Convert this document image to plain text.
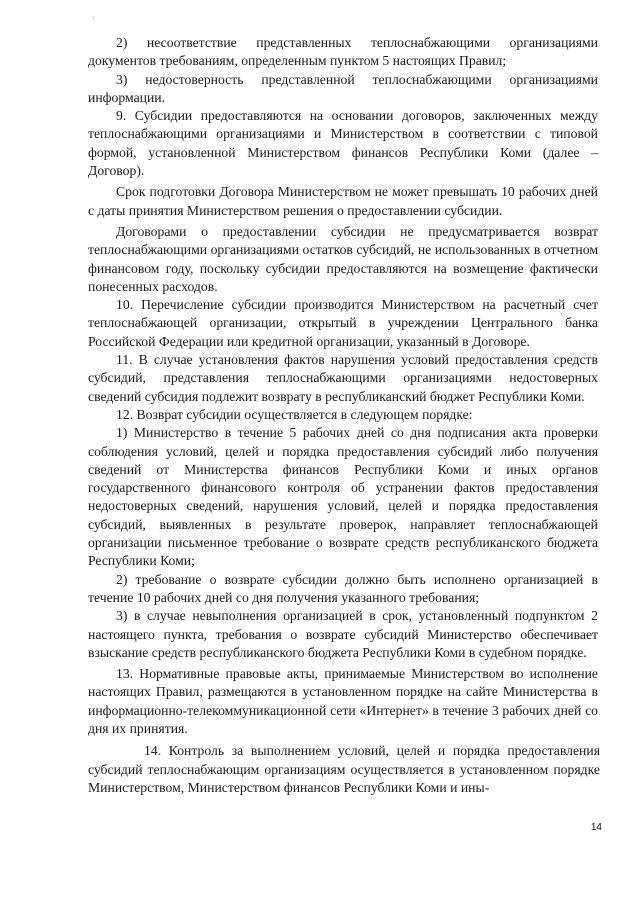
·

2) несоответствие представленных теплоснабжающими организациями документов требованиям, определенным пунктом 5 настоящих Правил;

3) недостоверность представленной теплоснабжающими организациями информации.

9. Субсидии предоставляются на основании договоров, заключенных между теплоснабжающими организациями и Министерством в соответствии с типовой формой, установленной Министерством финансов Республики Коми (далее – Договор).

Срок подготовки Договора Министерством не может превышать 10 рабочих дней с даты принятия Министерством решения о предоставлении субсидии.

Договорами о предоставлении субсидии не предусматривается возврат теплоснабжающими организациями остатков субсидий, не использованных в отчетном финансовом году, поскольку субсидии предоставляются на возмещение фактически понесенных расходов.

10. Перечисление субсидии производится Министерством на расчетный счет теплоснабжающей организации, открытый в учреждении Центрального банка Российской Федерации или кредитной организации, указанный в Договоре.

11. В случае установления фактов нарушения условий предоставления средств субсидий, представления теплоснабжающими организациями недостоверных сведений субсидия подлежит возврату в республиканский бюджет Республики Коми.

12. Возврат субсидии осуществляется в следующем порядке:

1) Министерство в течение 5 рабочих дней со дня подписания акта проверки соблюдения условий, целей и порядка предоставления субсидий либо получения сведений от Министерства финансов Республики Коми и иных органов государственного финансового контроля об устранении фактов предоставления недостоверных сведений, нарушения условий, целей и порядка предоставления субсидий, выявленных в результате проверок, направляет теплоснабжающей организации письменное требование о возврате средств республиканского бюджета Республики Коми;

2) требование о возврате субсидии должно быть исполнено организацией в течение 10 рабочих дней со дня получения указанного требования;

3) в случае невыполнения организацией в срок, установленный подпунктом 2 настоящего пункта, требования о возврате субсидий Министерство обеспечивает взыскание средств республиканского бюджета Республики Коми в судебном порядке.

13. Нормативные правовые акты, принимаемые Министерством во исполнение настоящих Правил, размещаются в установленном порядке на сайте Министерства в информационно-телекоммуникационной сети «Интернет» в течение 3 рабочих дней со дня их принятия.

14. Контроль за выполнением условий, целей и порядка предоставления субсидий теплоснабжающим организациям осуществляется в установленном порядке Министерством, Министерством финансов Республики Коми и ины-

14
